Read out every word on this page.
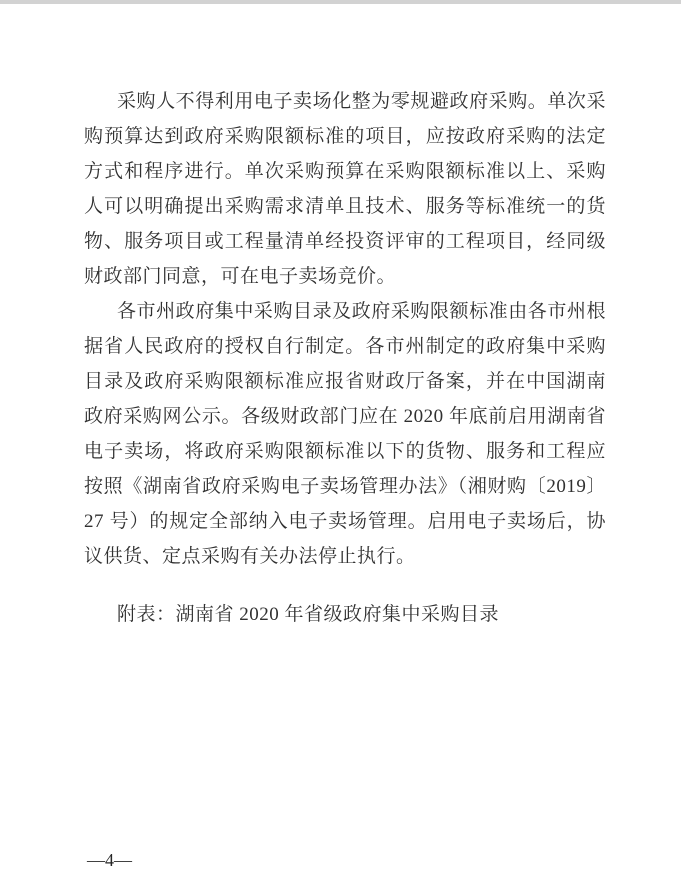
采购人不得利用电子卖场化整为零规避政府采购。单次采购预算达到政府采购限额标准的项目，应按政府采购的法定方式和程序进行。单次采购预算在采购限额标准以上、采购人可以明确提出采购需求清单且技术、服务等标准统一的货物、服务项目或工程量清单经投资评审的工程项目，经同级财政部门同意，可在电子卖场竞价。

各市州政府集中采购目录及政府采购限额标准由各市州根据省人民政府的授权自行制定。各市州制定的政府集中采购目录及政府采购限额标准应报省财政厅备案，并在中国湖南政府采购网公示。各级财政部门应在 2020 年底前启用湖南省电子卖场，将政府采购限额标准以下的货物、服务和工程应按照《湖南省政府采购电子卖场管理办法》（湘财购〔2019〕27 号）的规定全部纳入电子卖场管理。启用电子卖场后，协议供货、定点采购有关办法停止执行。

附表：湖南省 2020 年省级政府集中采购目录

—4—
